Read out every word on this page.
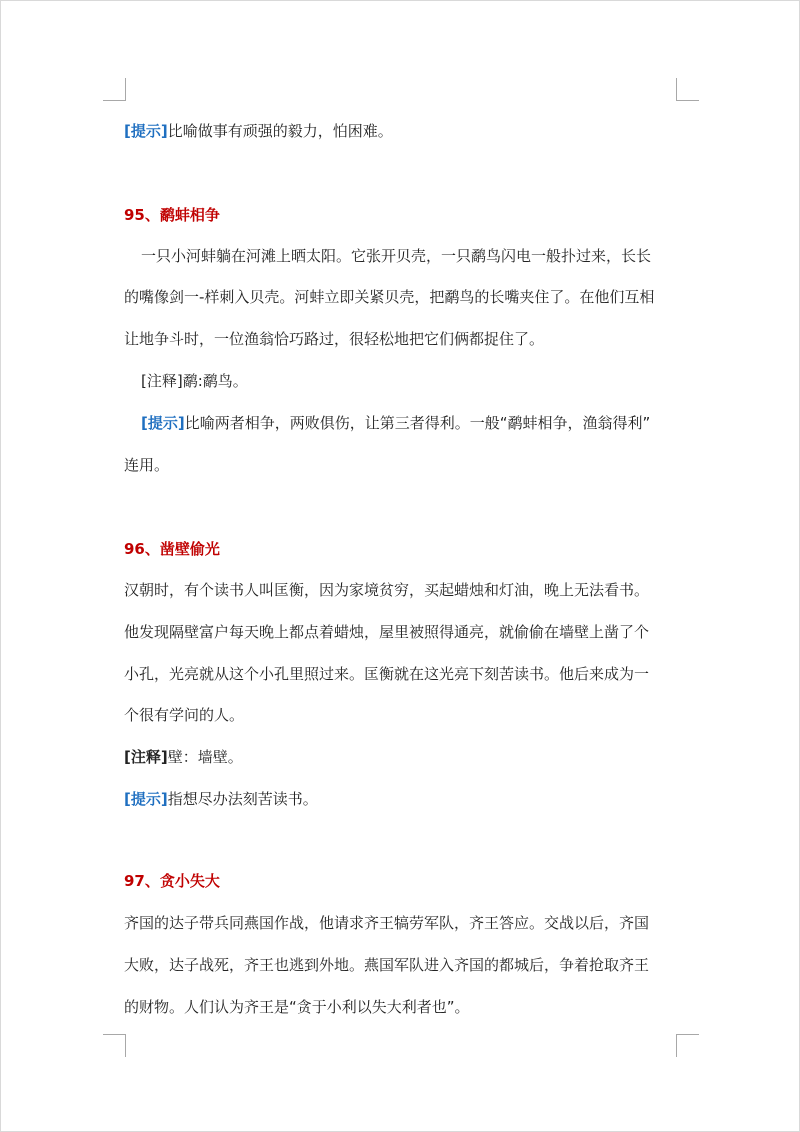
[提示]比喻做事有顽强的毅力，怕困难。
95、鹬蚌相争
一只小河蚌躺在河滩上晒太阳。它张开贝壳，一只鹬鸟闪电一般扑过来，长长
的嘴像剑一-样刺入贝壳。河蚌立即关紧贝壳，把鹬鸟的长嘴夹住了。在他们互相
让地争斗时，一位渔翁恰巧路过，很轻松地把它们俩都捉住了。
[注释]鹬:鹬鸟。
[提示]比喻两者相争，两败俱伤，让第三者得利。一般“鹬蚌相争，渔翁得利”
连用。
96、凿壁偷光
汉朝时，有个读书人叫匡衡，因为家境贫穷，买起蜡烛和灯油，晚上无法看书。
他发现隔壁富户每天晚上都点着蜡烛，屋里被照得通亮，就偷偷在墙壁上凿了个
小孔，光亮就从这个小孔里照过来。匡衡就在这光亮下刻苦读书。他后来成为一
个很有学问的人。
[注释]壁：墙壁。
[提示]指想尽办法刻苦读书。
97、贪小失大
齐国的达子带兵同燕国作战，他请求齐王犒劳军队，齐王答应。交战以后，齐国
大败，达子战死，齐王也逃到外地。燕国军队进入齐国的都城后，争着抢取齐王
的财物。人们认为齐王是“贪于小利以失大利者也”。
